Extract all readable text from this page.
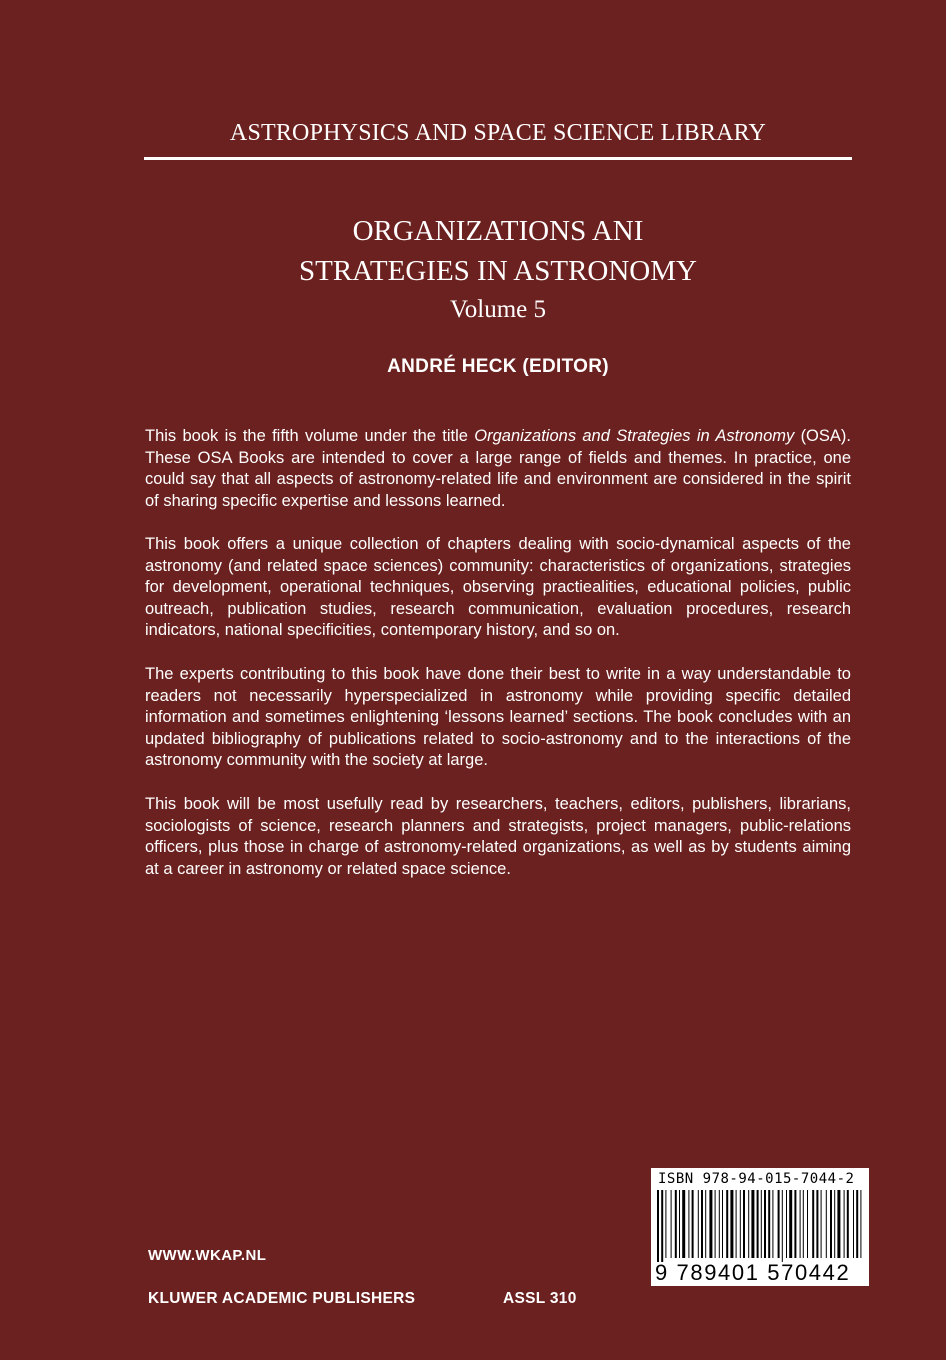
ASTROPHYSICS AND SPACE SCIENCE LIBRARY
ORGANIZATIONS ANI
STRATEGIES IN ASTRONOMY
Volume 5
ANDRÉ HECK (EDITOR)
This book is the fifth volume under the title Organizations and Strategies in Astronomy (OSA). These OSA Books are intended to cover a large range of fields and themes. In practice, one could say that all aspects of astronomy-related life and environment are considered in the spirit of sharing specific expertise and lessons learned.
This book offers a unique collection of chapters dealing with socio-dynamical aspects of the astronomy (and related space sciences) community: characteristics of organizations, strategies for development, operational techniques, observing practiealities, educational policies, public outreach, publication studies, research communication, evaluation procedures, research indicators, national specificities, contemporary history, and so on.
The experts contributing to this book have done their best to write in a way understandable to readers not necessarily hyperspecialized in astronomy while providing specific detailed information and sometimes enlightening ‘lessons learned’ sections. The book concludes with an updated bibliography of publications related to socio-astronomy and to the interactions of the astronomy community with the society at large.
This book will be most usefully read by researchers, teachers, editors, publishers, librarians, sociologists of science, research planners and strategists, project managers, public-relations officers, plus those in charge of astronomy-related organizations, as well as by students aiming at a career in astronomy or related space science.
ISBN 978-94-015-7044-2
9 789401 570442
WWW.WKAP.NL
KLUWER ACADEMIC PUBLISHERS	ASSL 310
